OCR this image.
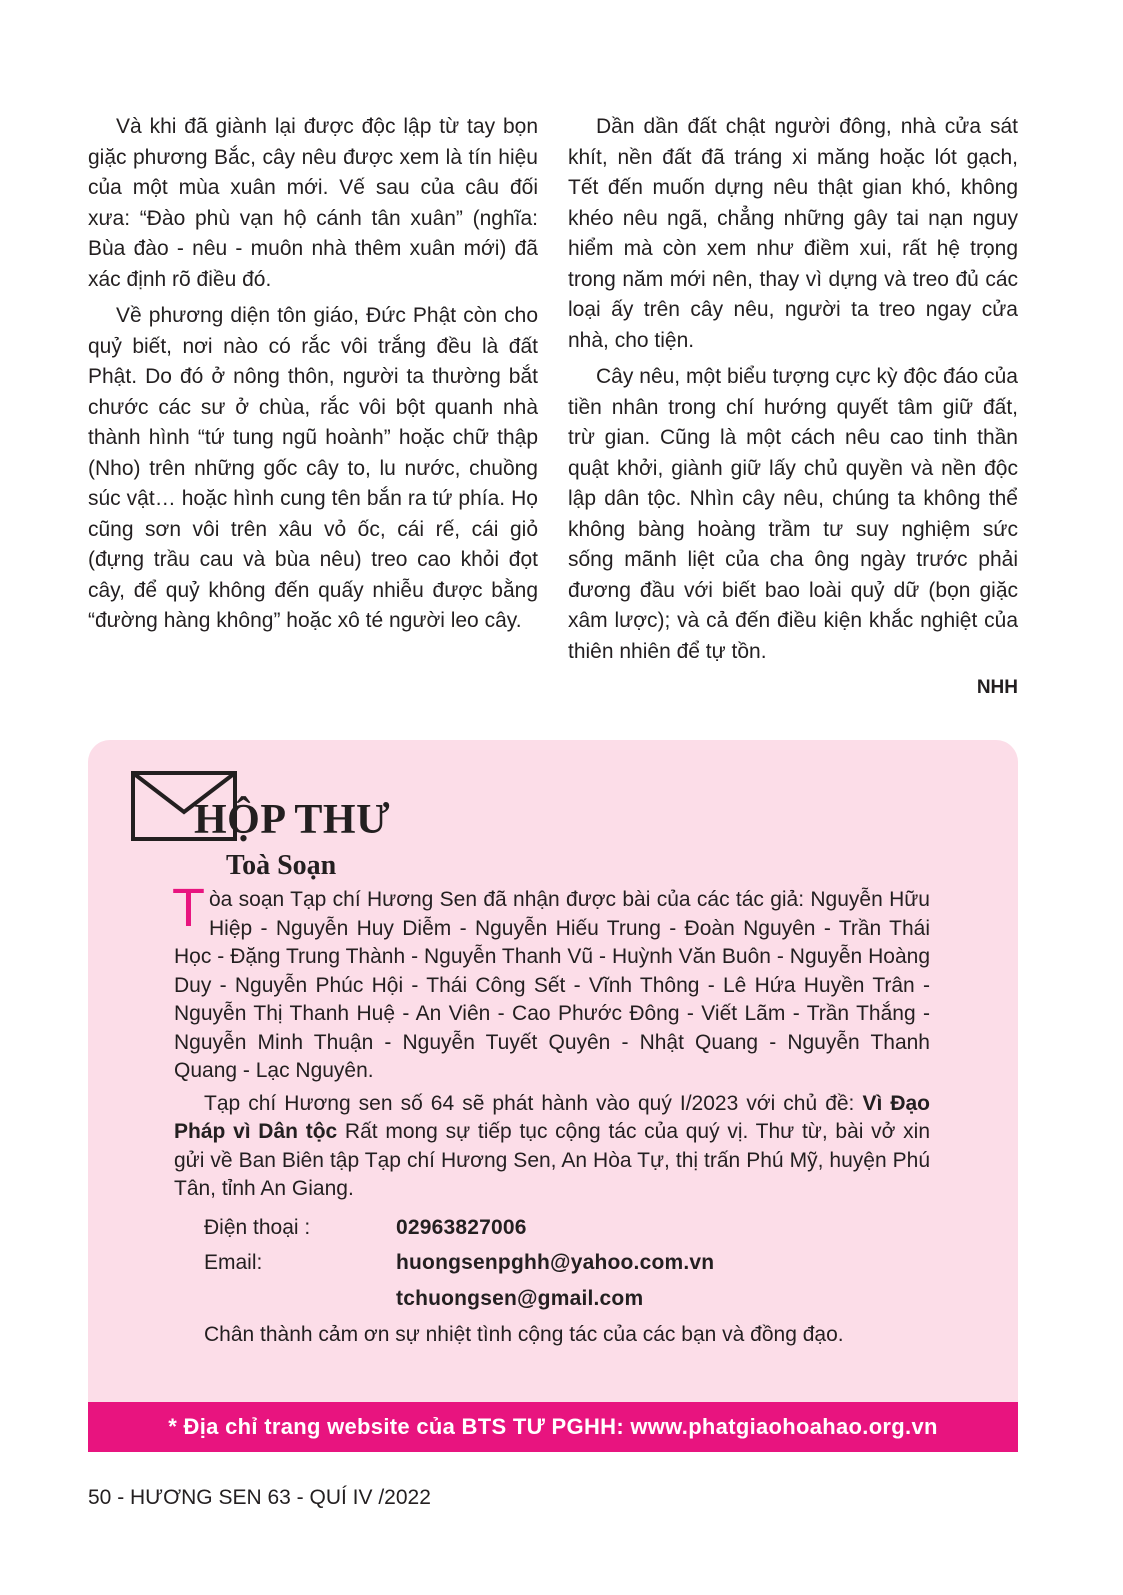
Và khi đã giành lại được độc lập từ tay bọn giặc phương Bắc, cây nêu được xem là tín hiệu của một mùa xuân mới. Vế sau của câu đối xưa: “Đào phù vạn hộ cánh tân xuân” (nghĩa: Bùa đào - nêu - muôn nhà thêm xuân mới) đã xác định rõ điều đó.

Về phương diện tôn giáo, Đức Phật còn cho quỷ biết, nơi nào có rắc vôi trắng đều là đất Phật. Do đó ở nông thôn, người ta thường bắt chước các sư ở chùa, rắc vôi bột quanh nhà thành hình “tứ tung ngũ hoành” hoặc chữ thập (Nho) trên những gốc cây to, lu nước, chuồng súc vật… hoặc hình cung tên bắn ra tứ phía. Họ cũng sơn vôi trên xâu vỏ ốc, cái rế, cái giỏ (đựng trầu cau và bùa nêu) treo cao khỏi đọt cây, để quỷ không đến quấy nhiễu được bằng “đường hàng không” hoặc xô té người leo cây.

Dần dần đất chật người đông, nhà cửa sát khít, nền đất đã tráng xi măng hoặc lót gạch, Tết đến muốn dựng nêu thật gian khó, không khéo nêu ngã, chẳng những gây tai nạn nguy hiểm mà còn xem như điềm xui, rất hệ trọng trong năm mới nên, thay vì dựng và treo đủ các loại ấy trên cây nêu, người ta treo ngay cửa nhà, cho tiện.

Cây nêu, một biểu tượng cực kỳ độc đáo của tiền nhân trong chí hướng quyết tâm giữ đất, trừ gian. Cũng là một cách nêu cao tinh thần quật khởi, giành giữ lấy chủ quyền và nền độc lập dân tộc. Nhìn cây nêu, chúng ta không thể không bàng hoàng trầm tư suy nghiệm sức sống mãnh liệt của cha ông ngày trước phải đương đầu với biết bao loài quỷ dữ (bọn giặc xâm lược); và cả đến điều kiện khắc nghiệt của thiên nhiên để tự tồn.

NHH
HỘP THƯ
Toà Soạn

Tòa soạn Tạp chí Hương Sen đã nhận được bài của các tác giả: Nguyễn Hữu Hiệp - Nguyễn Huy Diễm - Nguyễn Hiếu Trung - Đoàn Nguyên - Trần Thái Học - Đặng Trung Thành - Nguyễn Thanh Vũ - Huỳnh Văn Buôn - Nguyễn Hoàng Duy - Nguyễn Phúc Hội - Thái Công Sết - Vĩnh Thông - Lê Hứa Huyền Trân - Nguyễn Thị Thanh Huệ - An Viên - Cao Phước Đông - Viết Lãm - Trần Thắng - Nguyễn Minh Thuận - Nguyễn Tuyết Quyên - Nhật Quang - Nguyễn Thanh Quang - Lạc Nguyên.

Tạp chí Hương sen số 64 sẽ phát hành vào quý I/2023 với chủ đề: Vì Đạo Pháp vì Dân tộc Rất mong sự tiếp tục cộng tác của quý vị. Thư từ, bài vở xin gửi về Ban Biên tập Tạp chí Hương Sen, An Hòa Tự, thị trấn Phú Mỹ, huyện Phú Tân, tỉnh An Giang.

Điện thoại :	02963827006
Email:	huongsenpghh@yahoo.com.vn
tchuongsen@gmail.com

Chân thành cảm ơn sự nhiệt tình cộng tác của các bạn và đồng đạo.

* Địa chỉ trang website của BTS TƯ PGHH: www.phatgiaohoahao.org.vn
50 - HƯƠNG SEN 63 - QUÍ IV /2022
